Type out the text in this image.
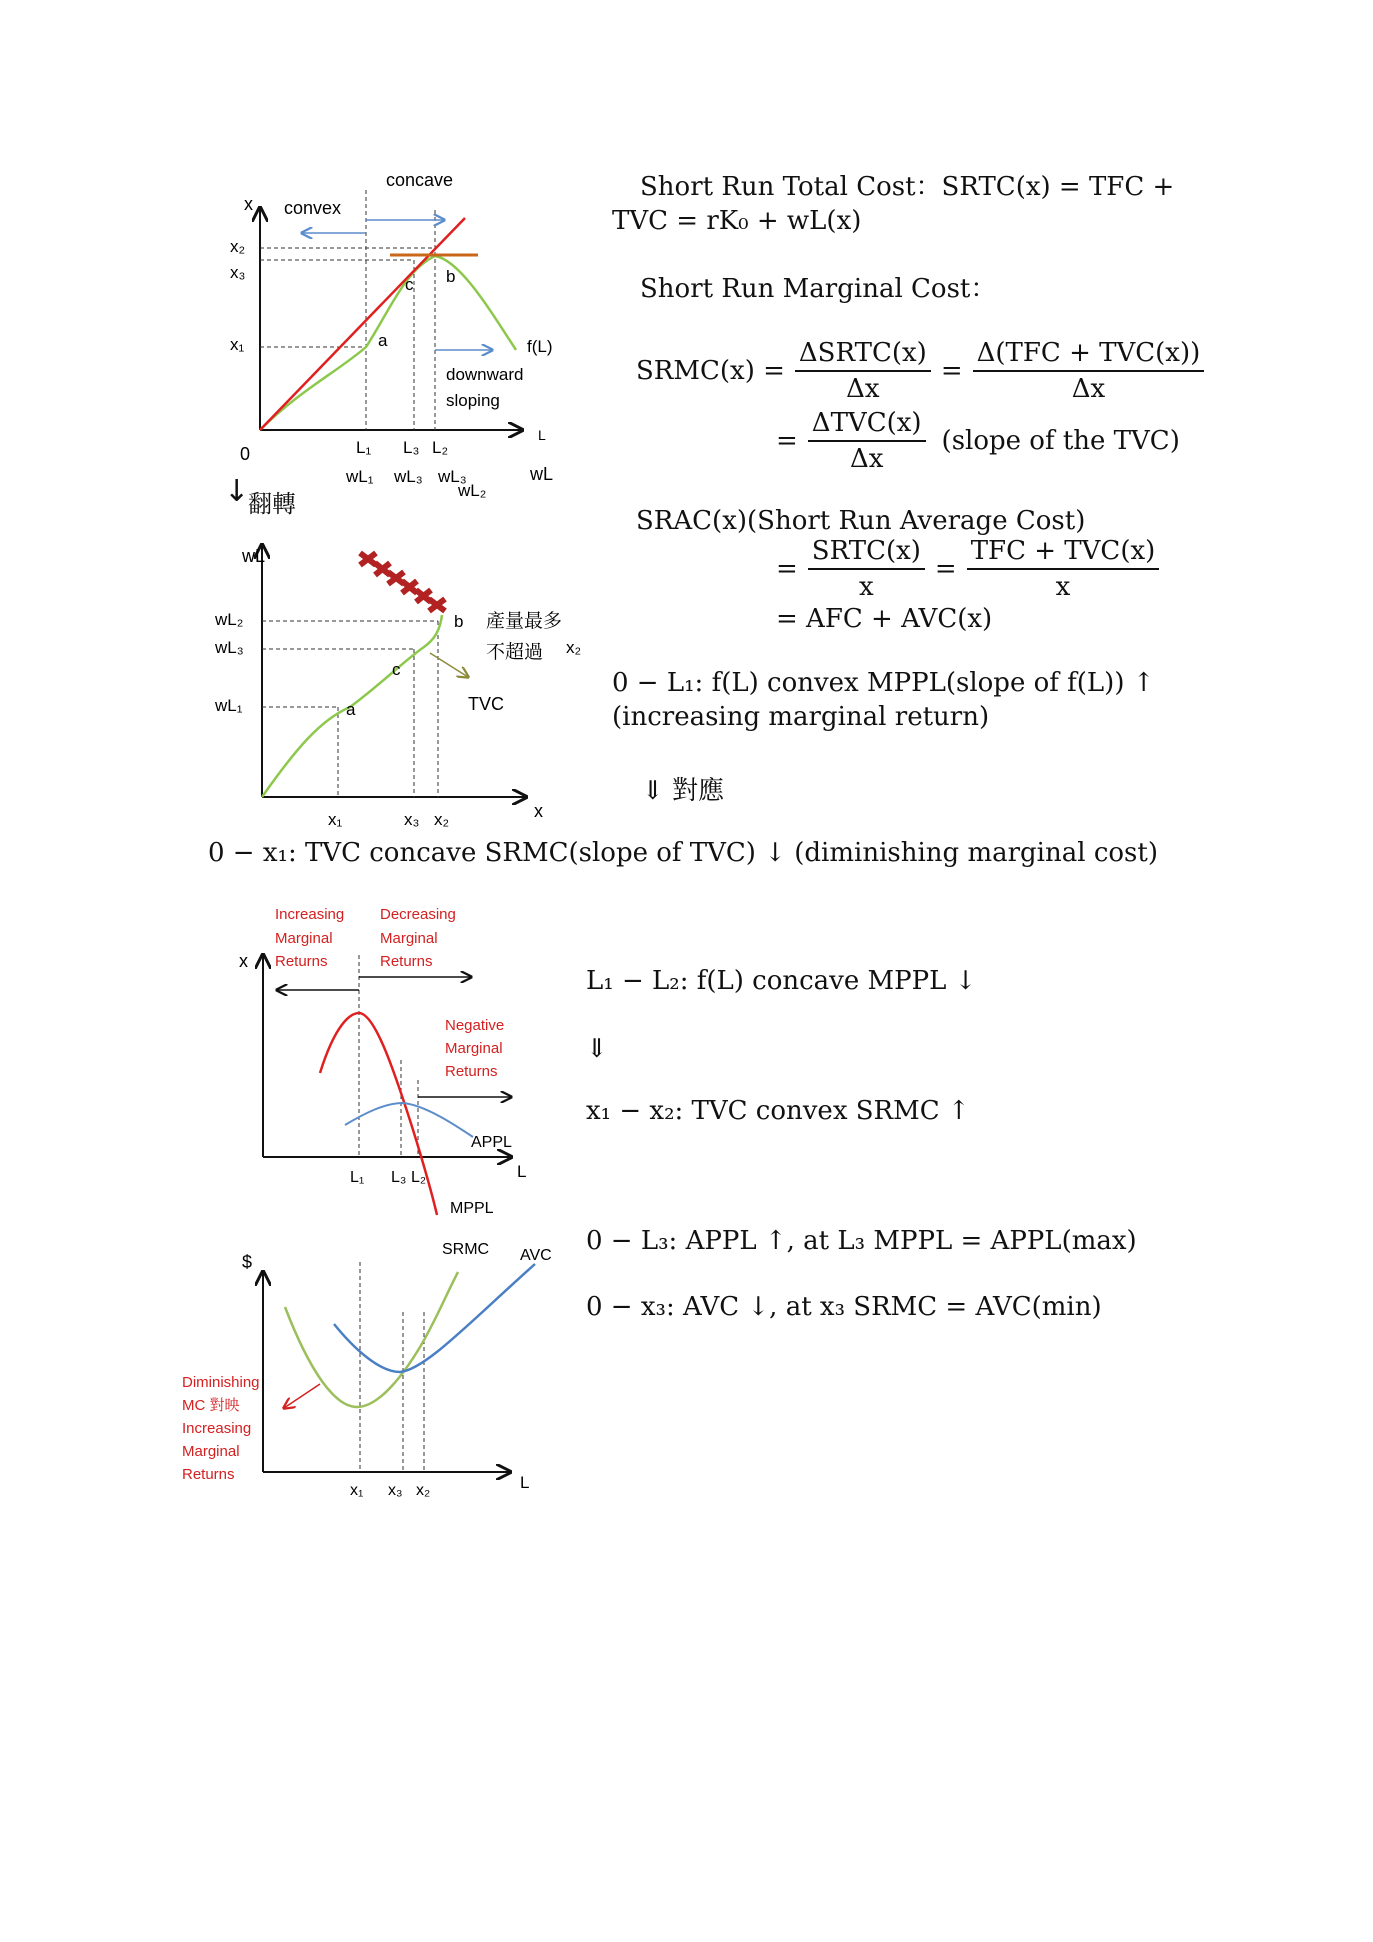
x
L
0
concave
convex
x₂
x₃
x₁	a
c b
f(L)
downward
sloping
L₁ L₃ L₂
wL₁ wL₃ wL₃
wL₂
wL
↓
翻轉
wL
x
wL₂
wL₃
wL₁	a
c
b
TVC
產量最多
不超過 x₂
x₁	x₃ x₂
Short Run Total Cost：SRTC(x) = TFC +
TVC = rK₀ + wL(x)
Short Run Marginal Cost：
SRMC(x) = $\frac{\text{ΔSRTC(x)}}{\Delta x} = \frac{\text{Δ(TFC + TVC(x))}}{\Delta x}$
= $\frac{\text{ΔTVC(x)}}{\Delta x}$ (slope of the TVC)
SRAC(x)(Short Run Average Cost)
= $\frac{\text{SRTC(x)}}{x} = \frac{\text{TFC + TVC(x)}}{x}$
= AFC + AVC(x)
0 − L₁: f(L) convex MPPL(slope of f(L)) ↑
(increasing marginal return)
⇓ 對應
0 − x₁: TVC concave SRMC(slope of TVC) ↓ (diminishing marginal cost)
x
L
Increasing
Marginal
Returns
Decreasing
Marginal
Returns
Negative
Marginal
Returns
APPL
MPPL
L₁ L₃ L₂
L₁ − L₂: f(L) concave MPPL ↓
⇓
x₁ − x₂: TVC convex SRMC ↑
0 − L₃: APPL ↑, at L₃ MPPL = APPL(max)
0 − x₃: AVC ↓, at x₃ SRMC = AVC(min)
$
L
SRMC AVC
Diminishing
MC 對映
Increasing
Marginal
Returns
x₁ x₃ x₂
